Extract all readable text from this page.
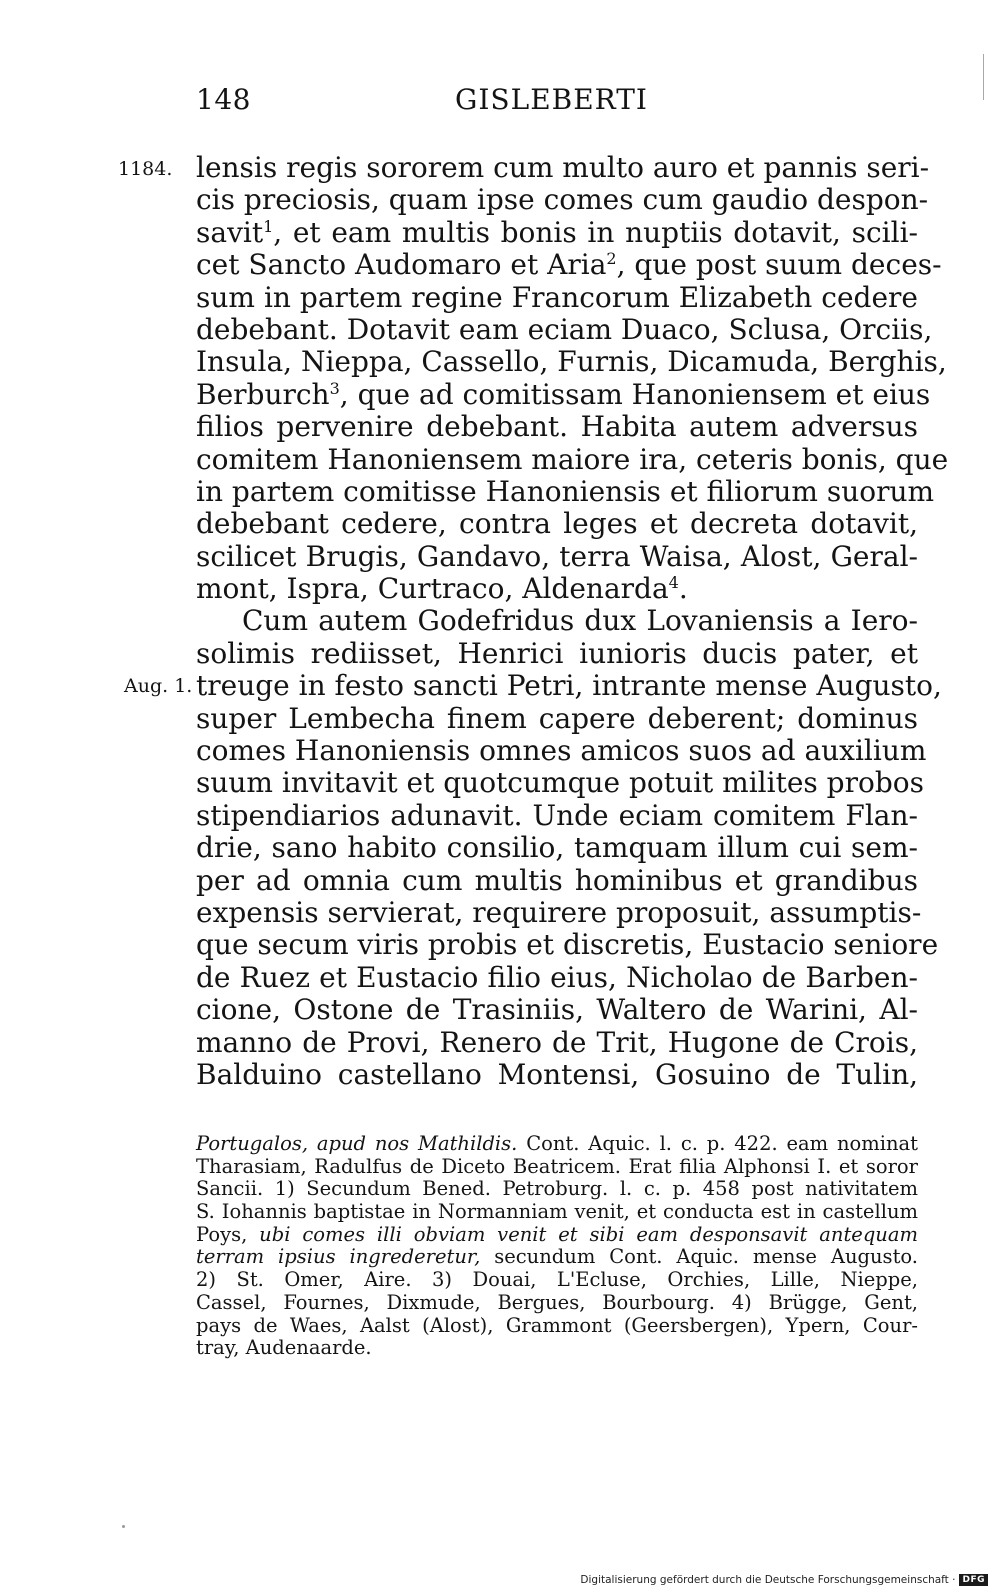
148	GISLEBERTI
1184.
Aug. 1.
lensis regis sororem cum multo auro et pannis seri-
cis preciosis, quam ipse comes cum gaudio despon-
savit$^1$, et eam multis bonis in nuptiis dotavit, scili-
cet Sancto Audomaro et Aria$^2$, que post suum deces-
sum in partem regine Francorum Elizabeth cedere
debebant. Dotavit eam eciam Duaco, Sclusa, Orciis,
Insula, Nieppa, Cassello, Furnis, Dicamuda, Berghis,
Berburch$^3$, que ad comitissam Hanoniensem et eius
filios pervenire debebant. Habita autem adversus
comitem Hanoniensem maiore ira, ceteris bonis, que
in partem comitisse Hanoniensis et filiorum suorum
debebant cedere, contra leges et decreta dotavit,
scilicet Brugis, Gandavo, terra Waisa, Alost, Geral-
mont, Ispra, Curtraco, Aldenarda$^4$.
Cum autem Godefridus dux Lovaniensis a Iero-
solimis rediisset, Henrici iunioris ducis pater, et
treuge in festo sancti Petri, intrante mense Augusto,
super Lembecha finem capere deberent; dominus
comes Hanoniensis omnes amicos suos ad auxilium
suum invitavit et quotcumque potuit milites probos
stipendiarios adunavit. Unde eciam comitem Flan-
drie, sano habito consilio, tamquam illum cui sem-
per ad omnia cum multis hominibus et grandibus
expensis servierat, requirere proposuit, assumptis-
que secum viris probis et discretis, Eustacio seniore
de Ruez et Eustacio filio eius, Nicholao de Barben-
cione, Ostone de Trasiniis, Waltero de Warini, Al-
manno de Provi, Renero de Trit, Hugone de Crois,
Balduino castellano Montensi, Gosuino de Tulin,
Portugalos, apud nos Mathildis. Cont. Aquic. l. c. p. 422. eam nominat
Tharasiam, Radulfus de Diceto Beatricem. Erat filia Alphonsi I. et soror
Sancii. 1) Secundum Bened. Petroburg. l. c. p. 458 post nativitatem
S. Iohannis baptistae in Normanniam venit, et conducta est in castellum
Poys, ubi comes illi obviam venit et sibi eam desponsavit antequam
terram ipsius ingrederetur, secundum Cont. Aquic. mense Augusto.
2) St. Omer, Aire. 3) Douai, L'Ecluse, Orchies, Lille, Nieppe,
Cassel, Fournes, Dixmude, Bergues, Bourbourg. 4) Brügge, Gent,
pays de Waes, Aalst (Alost), Grammont (Geersbergen), Ypern, Cour-
tray, Audenaarde.
Digitalisierung gefördert durch die Deutsche Forschungsgemeinschaft · DFG
